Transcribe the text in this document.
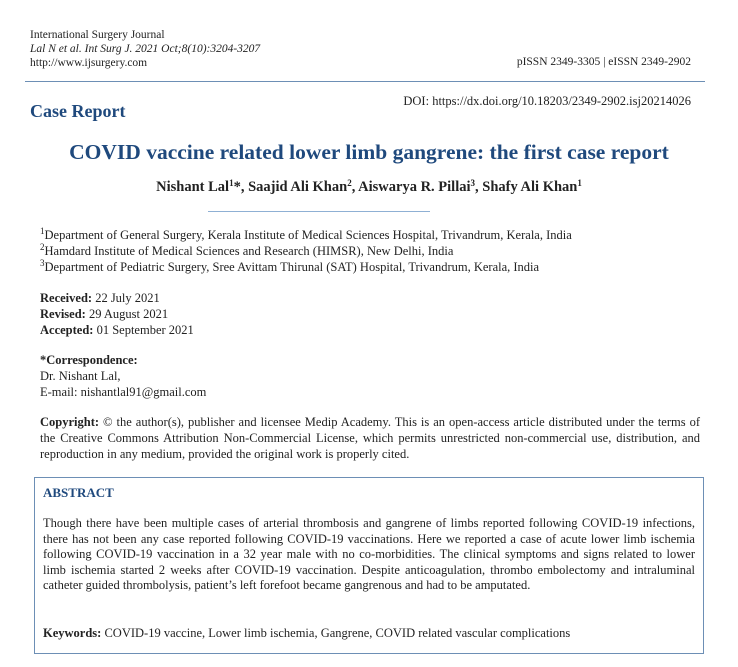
International Surgery Journal
Lal N et al. Int Surg J. 2021 Oct;8(10):3204-3207
http://www.ijsurgery.com	pISSN 2349-3305 | eISSN 2349-2902
Case Report	DOI: https://dx.doi.org/10.18203/2349-2902.isj20214026
COVID vaccine related lower limb gangrene: the first case report
Nishant Lal$^1$*, Saajid Ali Khan$^2$, Aiswarya R. Pillai$^3$, Shafy Ali Khan$^1$
$^1$Department of General Surgery, Kerala Institute of Medical Sciences Hospital, Trivandrum, Kerala, India
$^2$Hamdard Institute of Medical Sciences and Research (HIMSR), New Delhi, India
$^3$Department of Pediatric Surgery, Sree Avittam Thirunal (SAT) Hospital, Trivandrum, Kerala, India
Received: 22 July 2021
Revised: 29 August 2021
Accepted: 01 September 2021
*Correspondence:
Dr. Nishant Lal,
E-mail: nishantlal91@gmail.com
Copyright: © the author(s), publisher and licensee Medip Academy. This is an open-access article distributed under the terms of the Creative Commons Attribution Non-Commercial License, which permits unrestricted non-commercial use, distribution, and reproduction in any medium, provided the original work is properly cited.
ABSTRACT
Though there have been multiple cases of arterial thrombosis and gangrene of limbs reported following COVID-19 infections, there has not been any case reported following COVID-19 vaccinations. Here we reported a case of acute lower limb ischemia following COVID-19 vaccination in a 32 year male with no co-morbidities. The clinical symptoms and signs related to lower limb ischemia started 2 weeks after COVID-19 vaccination. Despite anticoagulation, thrombo embolectomy and intraluminal catheter guided thrombolysis, patient’s left forefoot became gangrenous and had to be amputated.
Keywords: COVID-19 vaccine, Lower limb ischemia, Gangrene, COVID related vascular complications
